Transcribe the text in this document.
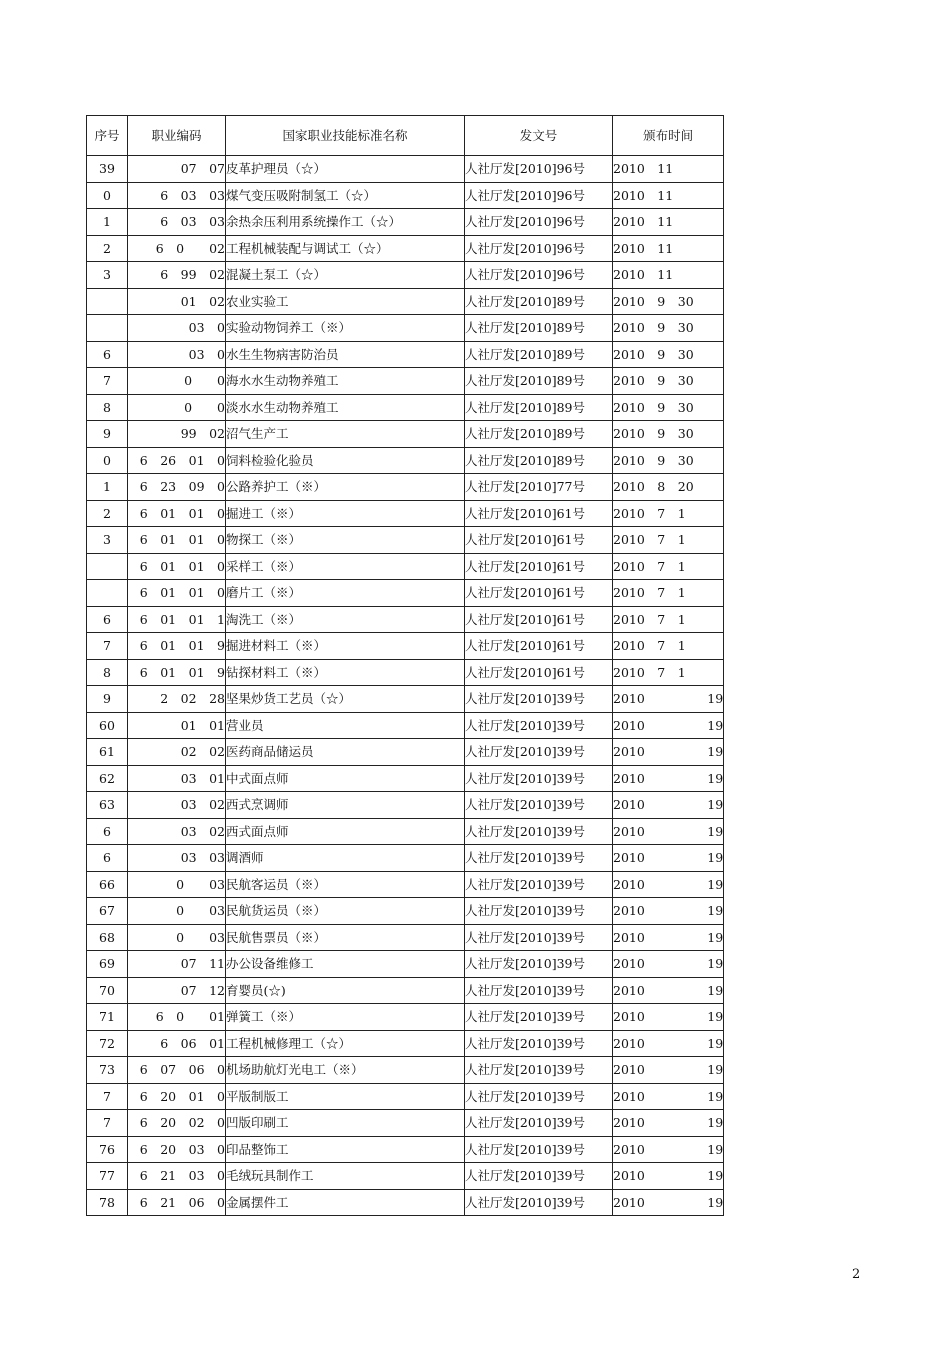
序号	职业编码	国家职业技能标准名称	发文号	颁布时间
39	07　07	皮革护理员（☆）	人社厅发[2010]96号	2010　11
0	6　03　03	煤气变压吸附制氢工（☆）	人社厅发[2010]96号	2010　11
1	6　03　03	余热余压利用系统操作工（☆）	人社厅发[2010]96号	2010　11
2	6　0　　02	工程机械装配与调试工（☆）	人社厅发[2010]96号	2010　11
3	6　99　02	混凝土泵工（☆）	人社厅发[2010]96号	2010　11
	01　02	农业实验工	人社厅发[2010]89号	2010　9　30
	03　0	实验动物饲养工（※）	人社厅发[2010]89号	2010　9　30
6	03　0	水生生物病害防治员	人社厅发[2010]89号	2010　9　30
7	0　　0	海水水生动物养殖工	人社厅发[2010]89号	2010　9　30
8	0　　0	淡水水生动物养殖工	人社厅发[2010]89号	2010　9　30
9	99　02	沼气生产工	人社厅发[2010]89号	2010　9　30
0	6　26　01　0	饲料检验化验员	人社厅发[2010]89号	2010　9　30
1	6　23　09　0	公路养护工（※）	人社厅发[2010]77号	2010　8　20
2	6　01　01　0	掘进工（※）	人社厅发[2010]61号	2010　7　1
3	6　01　01　0	物探工（※）	人社厅发[2010]61号	2010　7　1
	6　01　01　0	采样工（※）	人社厅发[2010]61号	2010　7　1
	6　01　01　0	磨片工（※）	人社厅发[2010]61号	2010　7　1
6	6　01　01　1	淘洗工（※）	人社厅发[2010]61号	2010　7　1
7	6　01　01　9	掘进材料工（※）	人社厅发[2010]61号	2010　7　1
8	6　01　01　9	钻探材料工（※）	人社厅发[2010]61号	2010　7　1
9	2　02　28	坚果炒货工艺员（☆）	人社厅发[2010]39号	2010　　　　　19
60	01　01	营业员	人社厅发[2010]39号	2010　　　　　19
61	02　02	医药商品储运员	人社厅发[2010]39号	2010　　　　　19
62	03　01	中式面点师	人社厅发[2010]39号	2010　　　　　19
63	03　02	西式烹调师	人社厅发[2010]39号	2010　　　　　19
6	03　02	西式面点师	人社厅发[2010]39号	2010　　　　　19
6	03　03	调酒师	人社厅发[2010]39号	2010　　　　　19
66	0　　03	民航客运员（※）	人社厅发[2010]39号	2010　　　　　19
67	0　　03	民航货运员（※）	人社厅发[2010]39号	2010　　　　　19
68	0　　03	民航售票员（※）	人社厅发[2010]39号	2010　　　　　19
69	07　11	办公设备维修工	人社厅发[2010]39号	2010　　　　　19
70	07　12	育婴员(☆)	人社厅发[2010]39号	2010　　　　　19
71	6　0　　01	弹簧工（※）	人社厅发[2010]39号	2010　　　　　19
72	6　06　01	工程机械修理工（☆）	人社厅发[2010]39号	2010　　　　　19
73	6　07　06　0	机场助航灯光电工（※）	人社厅发[2010]39号	2010　　　　　19
7	6　20　01　0	平版制版工	人社厅发[2010]39号	2010　　　　　19
7	6　20　02　0	凹版印刷工	人社厅发[2010]39号	2010　　　　　19
76	6　20　03　0	印品整饰工	人社厅发[2010]39号	2010　　　　　19
77	6　21　03　0	毛绒玩具制作工	人社厅发[2010]39号	2010　　　　　19
78	6　21　06　0	金属摆件工	人社厅发[2010]39号	2010　　　　　19
2
